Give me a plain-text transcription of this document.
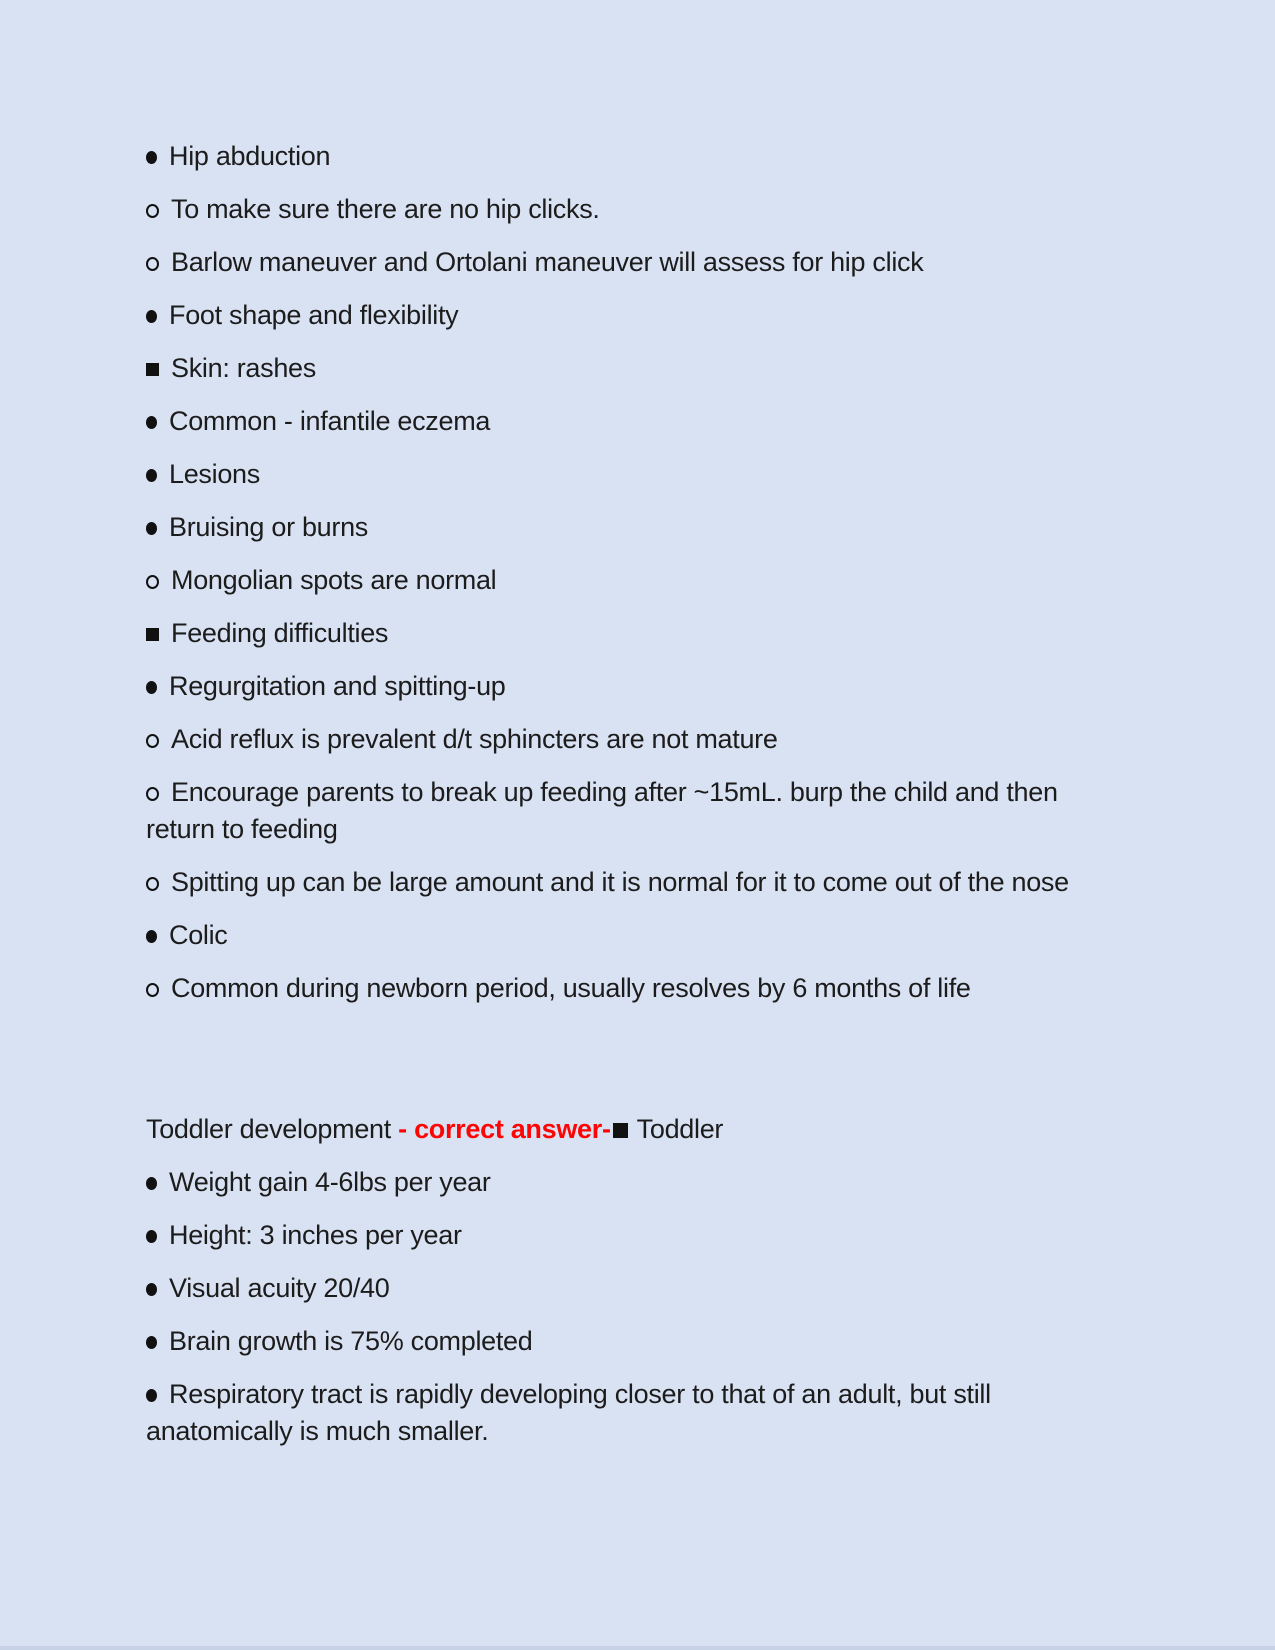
Hip abduction

To make sure there are no hip clicks.

Barlow maneuver and Ortolani maneuver will assess for hip click

Foot shape and flexibility

Skin: rashes

Common - infantile eczema

Lesions

Bruising or burns

Mongolian spots are normal

Feeding difficulties

Regurgitation and spitting-up

Acid reflux is prevalent d/t sphincters are not mature

Encourage parents to break up feeding after ~15mL. burp the child and then
return to feeding

Spitting up can be large amount and it is normal for it to come out of the nose

Colic

Common during newborn period, usually resolves by 6 months of life

Toddler development - correct answer- Toddler

Weight gain 4-6lbs per year

Height: 3 inches per year

Visual acuity 20/40

Brain growth is 75% completed

Respiratory tract is rapidly developing closer to that of an adult, but still
anatomically is much smaller.
